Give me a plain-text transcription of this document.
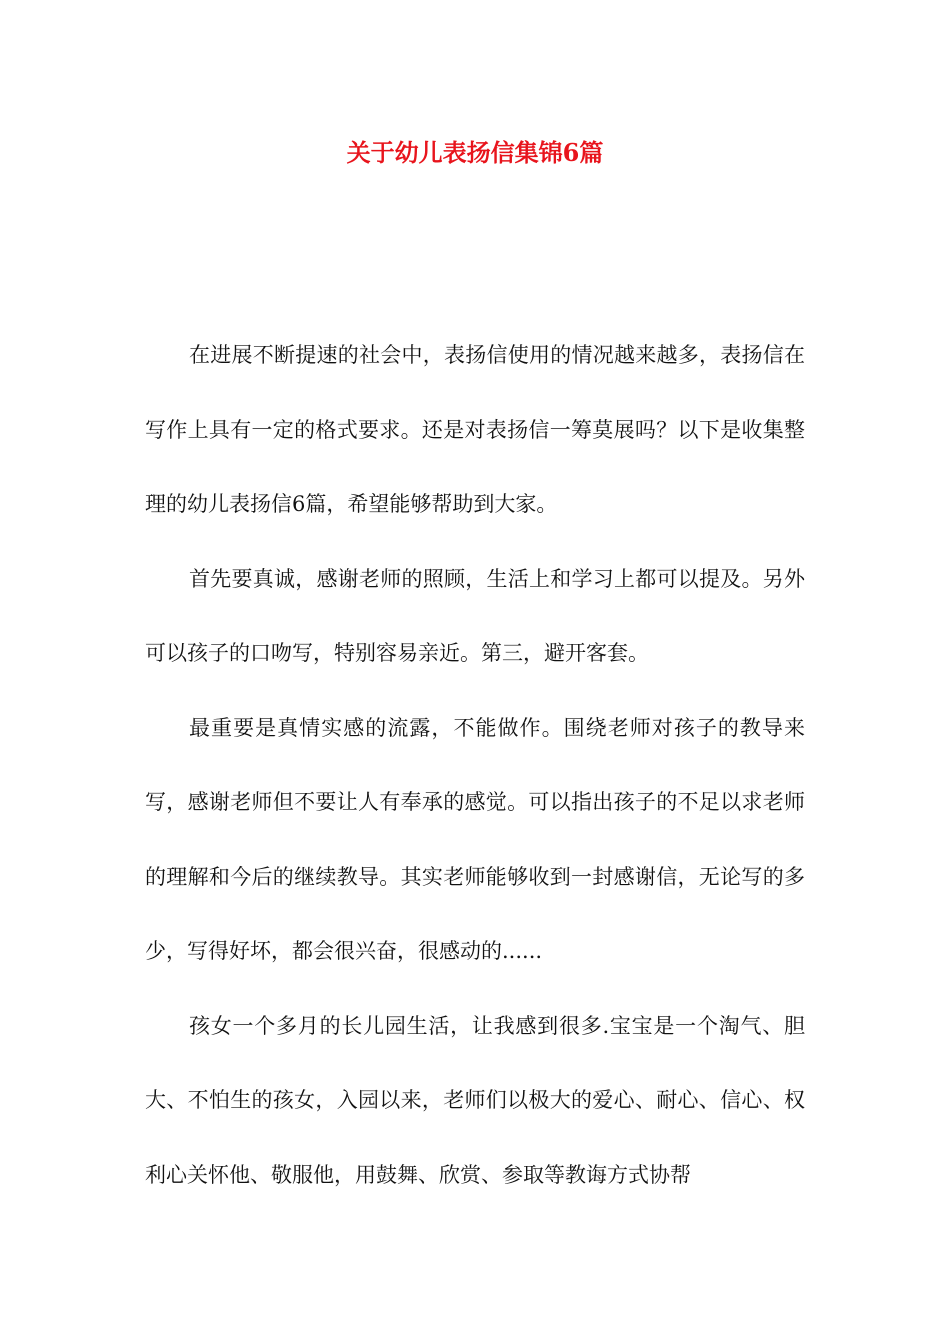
关于幼儿表扬信集锦6篇

在进展不断提速的社会中，表扬信使用的情况越来越多，表扬信在写作上具有一定的格式要求。还是对表扬信一筹莫展吗？以下是收集整理的幼儿表扬信6篇，希望能够帮助到大家。

首先要真诚，感谢老师的照顾，生活上和学习上都可以提及。另外可以孩子的口吻写，特别容易亲近。第三，避开客套。

最重要是真情实感的流露，不能做作。围绕老师对孩子的教导来写，感谢老师但不要让人有奉承的感觉。可以指出孩子的不足以求老师的理解和今后的继续教导。其实老师能够收到一封感谢信，无论写的多少，写得好坏，都会很兴奋，很感动的......

孩女一个多月的长儿园生活，让我感到很多.宝宝是一个淘气、胆大、不怕生的孩女，入园以来，老师们以极大的爱心、耐心、信心、权利心关怀他、敬服他，用鼓舞、欣赏、参取等教诲方式协帮
